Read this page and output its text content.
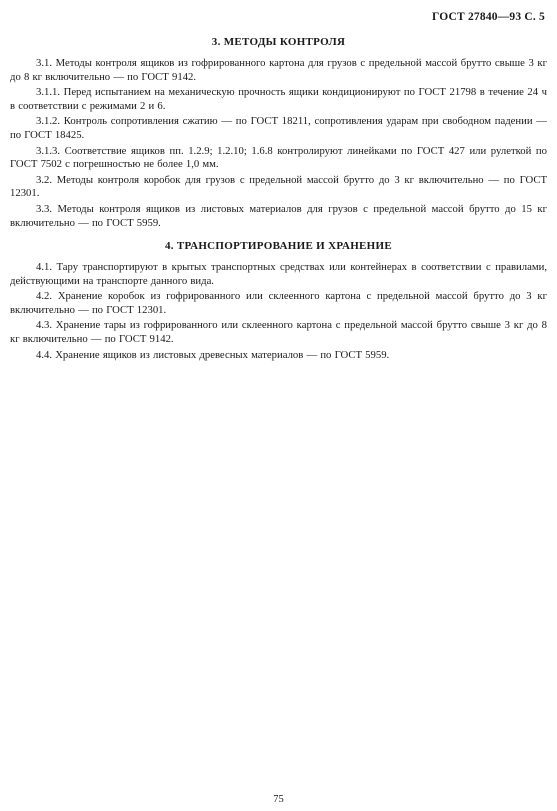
ГОСТ 27840—93 С. 5
3. МЕТОДЫ КОНТРОЛЯ

3.1. Методы контроля ящиков из гофрированного картона для грузов с предельной массой брутто свыше 3 кг до 8 кг включительно — по ГОСТ 9142.

3.1.1. Перед испытанием на механическую прочность ящики кондиционируют по ГОСТ 21798 в течение 24 ч в соответствии с режимами 2 и 6.

3.1.2. Контроль сопротивления сжатию — по ГОСТ 18211, сопротивления ударам при свободном падении — по ГОСТ 18425.

3.1.3. Соответствие ящиков пп. 1.2.9; 1.2.10; 1.6.8 контролируют линейками по ГОСТ 427 или рулеткой по ГОСТ 7502 с погрешностью не более 1,0 мм.

3.2. Методы контроля коробок для грузов с предельной массой брутто до 3 кг включительно — по ГОСТ 12301.

3.3. Методы контроля ящиков из листовых материалов для грузов с предельной массой брутто до 15 кг включительно — по ГОСТ 5959.

4. ТРАНСПОРТИРОВАНИЕ И ХРАНЕНИЕ

4.1. Тару транспортируют в крытых транспортных средствах или контейнерах в соответствии с правилами, действующими на транспорте данного вида.

4.2. Хранение коробок из гофрированного или склеенного картона с предельной массой брутто до 3 кг включительно — по ГОСТ 12301.

4.3. Хранение тары из гофрированного или склеенного картона с предельной массой брутто свыше 3 кг до 8 кг включительно — по ГОСТ 9142.

4.4. Хранение ящиков из листовых древесных материалов — по ГОСТ 5959.

75
